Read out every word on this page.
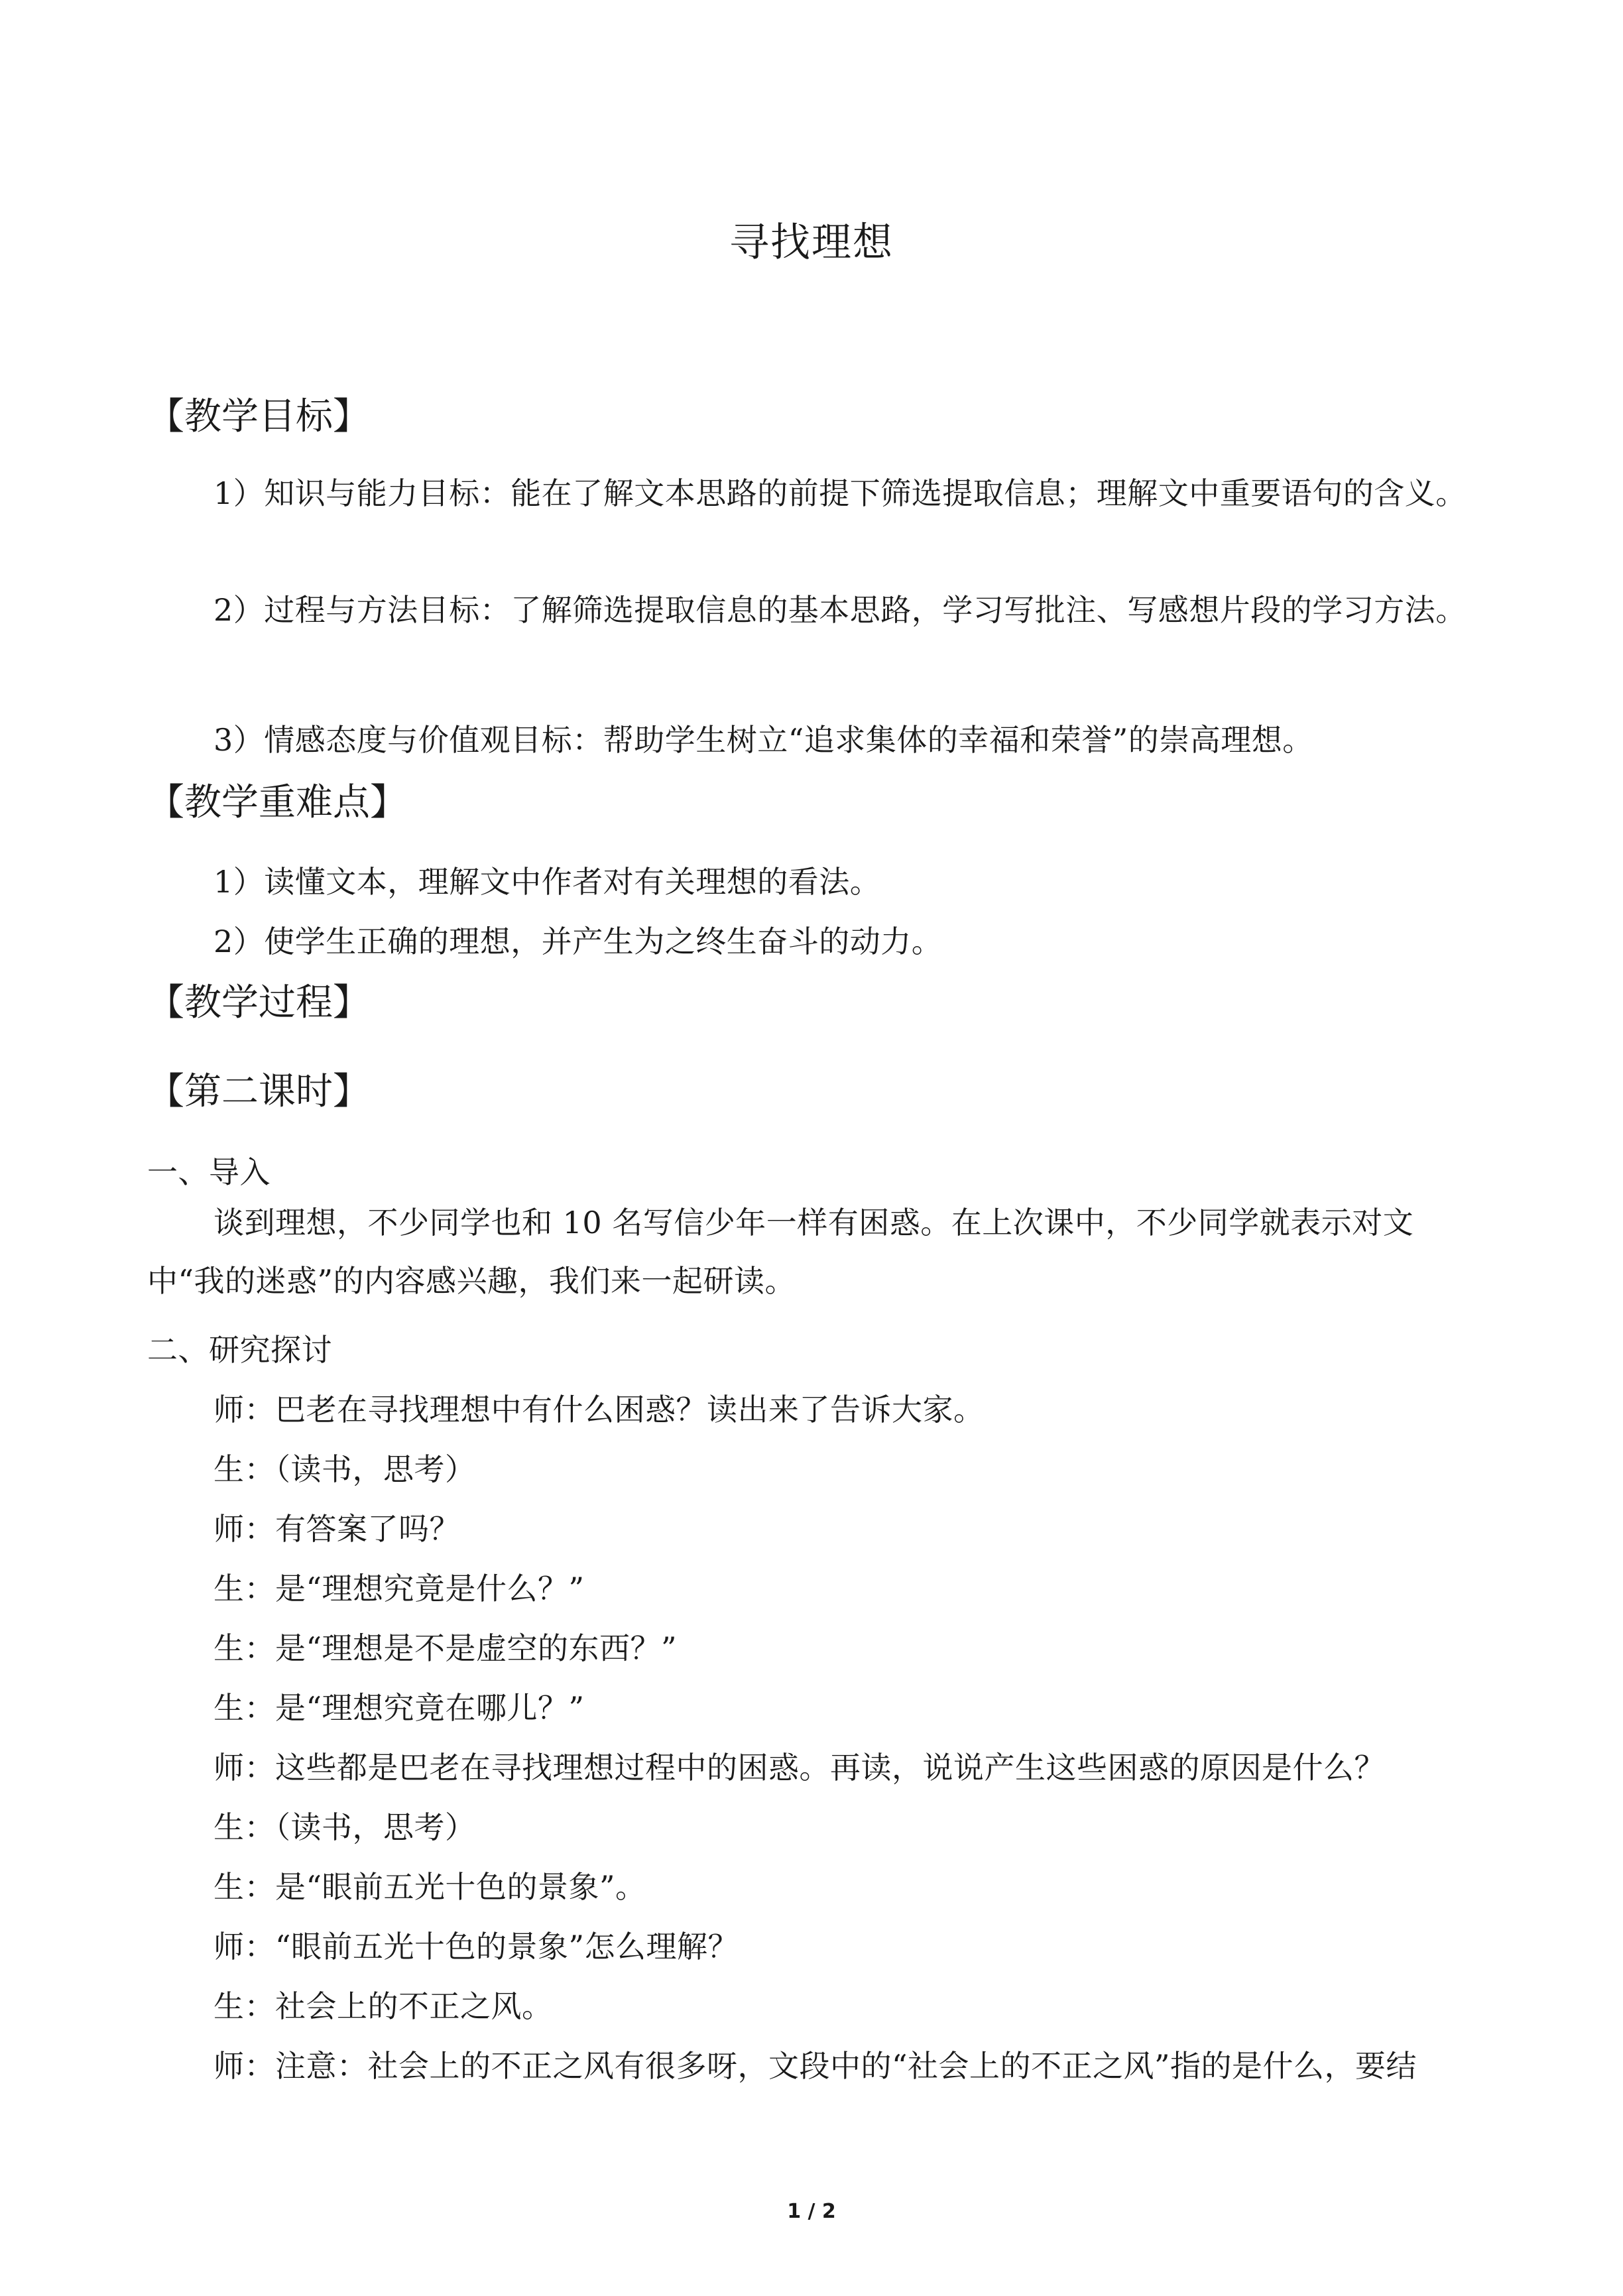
寻找理想
【教学目标】

1）知识与能力目标：能在了解文本思路的前提下筛选提取信息；理解文中重要语句的含义。

2）过程与方法目标：了解筛选提取信息的基本思路，学习写批注、写感想片段的学习方法。

3）情感态度与价值观目标：帮助学生树立“追求集体的幸福和荣誉”的崇高理想。

【教学重难点】

1）读懂文本，理解文中作者对有关理想的看法。

2）使学生正确的理想，并产生为之终生奋斗的动力。

【教学过程】
【第二课时】

一、导入

谈到理想，不少同学也和 10 名写信少年一样有困惑。在上次课中，不少同学就表示对文中“我的迷惑”的内容感兴趣，我们来一起研读。

二、研究探讨

师：巴老在寻找理想中有什么困惑？读出来了告诉大家。

生：（读书，思考）

师：有答案了吗？

生：是“理想究竟是什么？”

生：是“理想是不是虚空的东西？”

生：是“理想究竟在哪儿？”

师：这些都是巴老在寻找理想过程中的困惑。再读，说说产生这些困惑的原因是什么？

生：（读书，思考）

生：是“眼前五光十色的景象”。

师：“眼前五光十色的景象”怎么理解？

生：社会上的不正之风。

师：注意：社会上的不正之风有很多呀，文段中的“社会上的不正之风”指的是什么，要结

1 / 2
